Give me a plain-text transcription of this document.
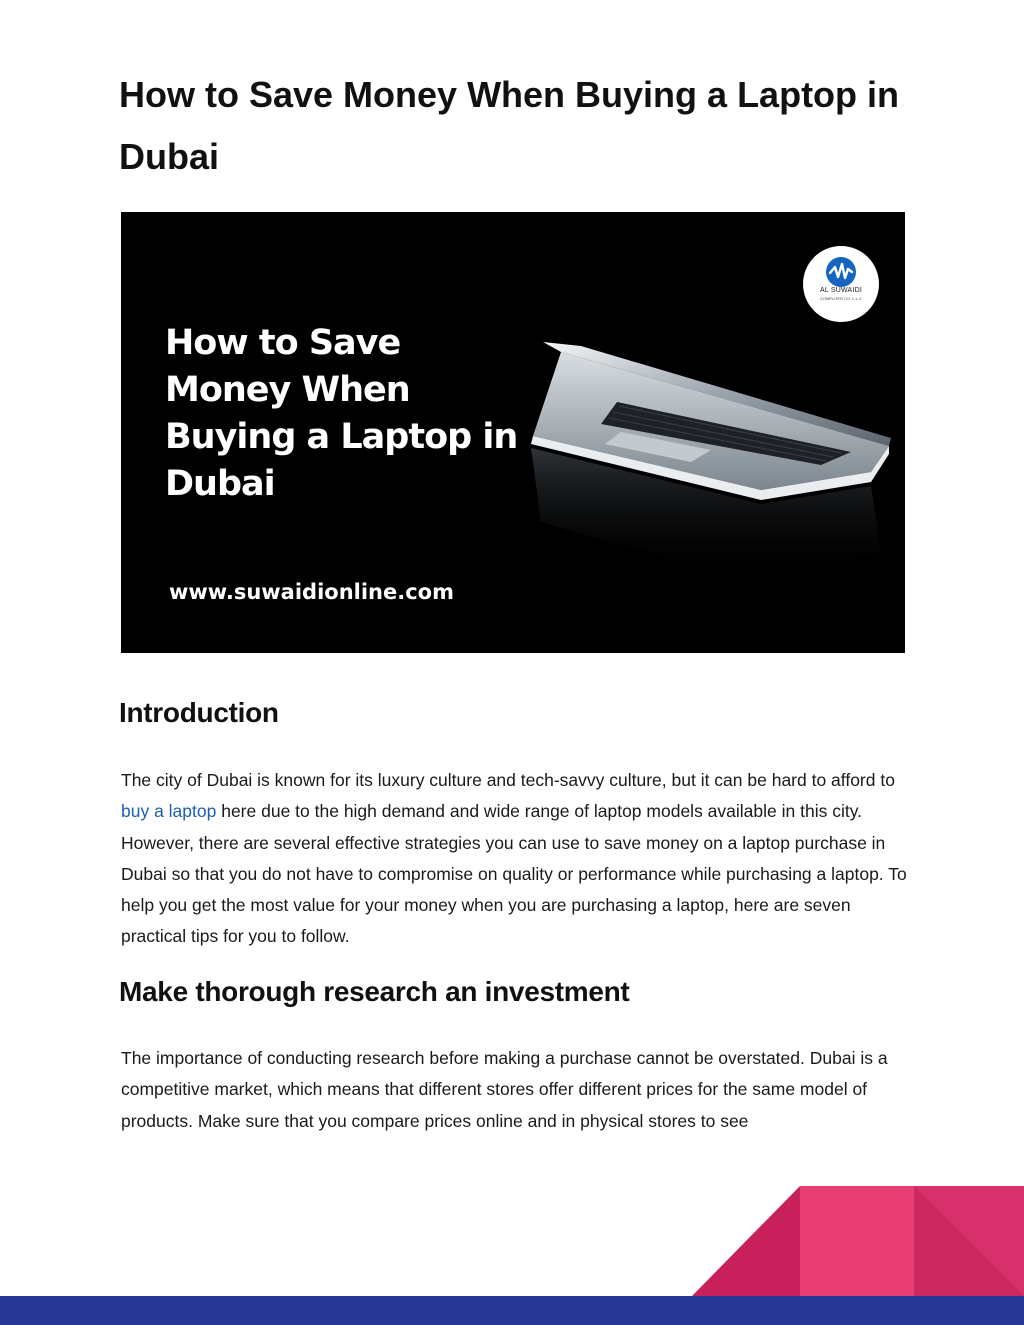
How to Save Money When Buying a Laptop in Dubai
How to Save
Money When
Buying a Laptop in
Dubai
www.suwaidionline.com
AL SUWAIDI
COMPUTER CO. L.L.C
Introduction

The city of Dubai is known for its luxury culture and tech-savvy culture, but it can be hard to afford to buy a laptop here due to the high demand and wide range of laptop models available in this city. However, there are several effective strategies you can use to save money on a laptop purchase in Dubai so that you do not have to compromise on quality or performance while purchasing a laptop. To help you get the most value for your money when you are purchasing a laptop, here are seven practical tips for you to follow.

Make thorough research an investment

The importance of conducting research before making a purchase cannot be overstated. Dubai is a competitive market, which means that different stores offer different prices for the same model of products. Make sure that you compare prices online and in physical stores to see
